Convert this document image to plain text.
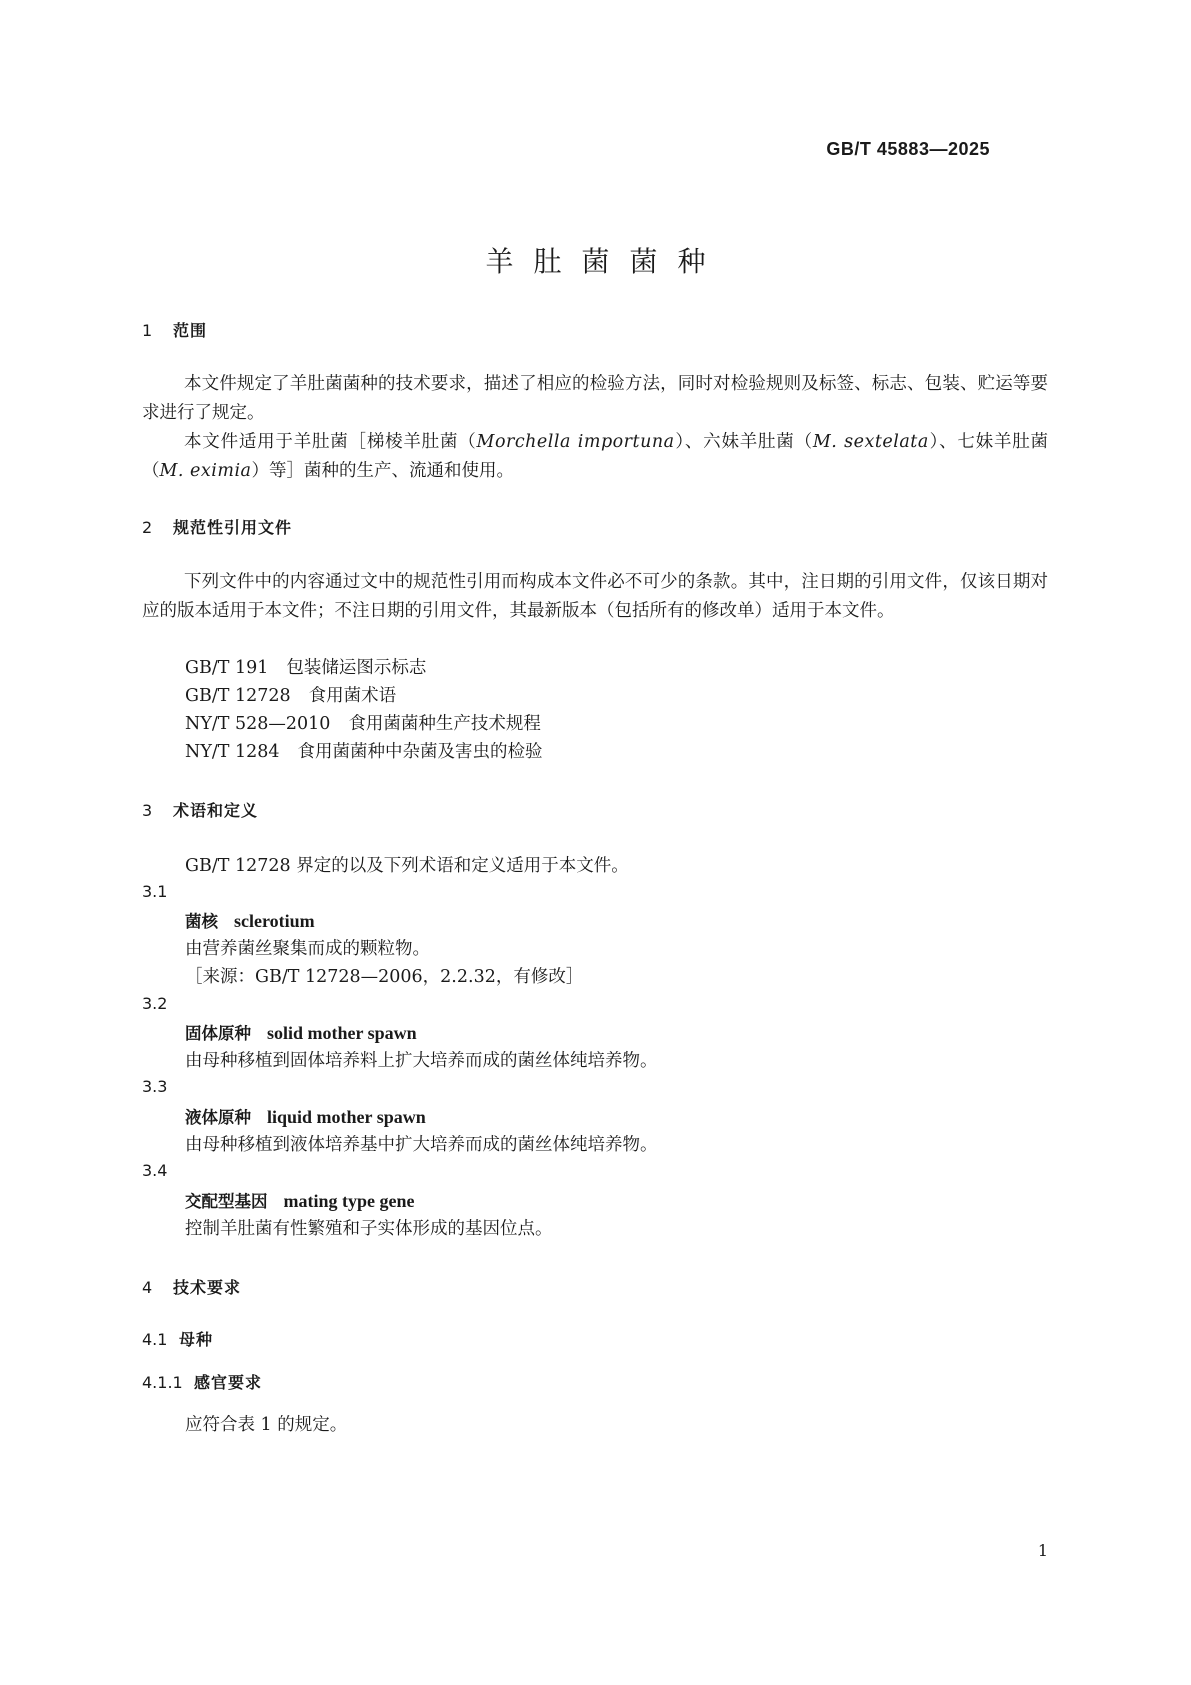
GB/T 45883—2025
羊肚菌菌种
1 范围
本文件规定了羊肚菌菌种的技术要求，描述了相应的检验方法，同时对检验规则及标签、标志、包装、贮运等要求进行了规定。
本文件适用于羊肚菌［梯棱羊肚菌（Morchella importuna）、六妹羊肚菌（M. sextelata）、七妹羊肚菌（M. eximia）等］菌种的生产、流通和使用。
2 规范性引用文件
下列文件中的内容通过文中的规范性引用而构成本文件必不可少的条款。其中，注日期的引用文件，仅该日期对应的版本适用于本文件；不注日期的引用文件，其最新版本（包括所有的修改单）适用于本文件。
GB/T 191 包装储运图示标志
GB/T 12728 食用菌术语
NY/T 528—2010 食用菌菌种生产技术规程
NY/T 1284 食用菌菌种中杂菌及害虫的检验
3 术语和定义
GB/T 12728 界定的以及下列术语和定义适用于本文件。
3.1
菌核 sclerotium
由营养菌丝聚集而成的颗粒物。
［来源：GB/T 12728—2006，2.2.32，有修改］
3.2
固体原种 solid mother spawn
由母种移植到固体培养料上扩大培养而成的菌丝体纯培养物。
3.3
液体原种 liquid mother spawn
由母种移植到液体培养基中扩大培养而成的菌丝体纯培养物。
3.4
交配型基因 mating type gene
控制羊肚菌有性繁殖和子实体形成的基因位点。
4 技术要求
4.1 母种
4.1.1 感官要求
应符合表 1 的规定。
1
